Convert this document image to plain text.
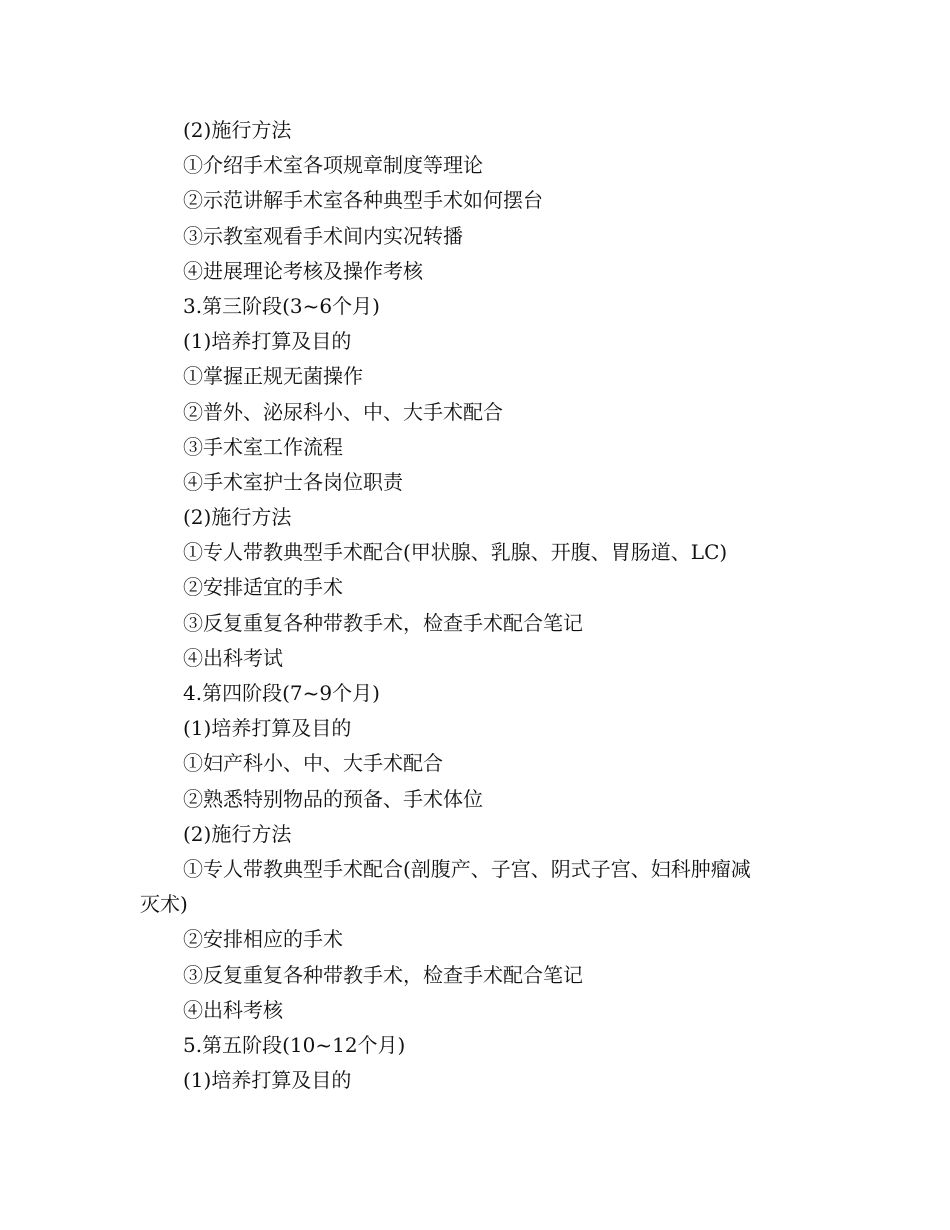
(2)施行方法
①介绍手术室各项规章制度等理论
②示范讲解手术室各种典型手术如何摆台
③示教室观看手术间内实况转播
④进展理论考核及操作考核
3.第三阶段(3~6个月)
(1)培养打算及目的
①掌握正规无菌操作
②普外、泌尿科小、中、大手术配合
③手术室工作流程
④手术室护士各岗位职责
(2)施行方法
①专人带教典型手术配合(甲状腺、乳腺、开腹、胃肠道、LC)
②安排适宜的手术
③反复重复各种带教手术，检查手术配合笔记
④出科考试
4.第四阶段(7~9个月)
(1)培养打算及目的
①妇产科小、中、大手术配合
②熟悉特别物品的预备、手术体位
(2)施行方法
①专人带教典型手术配合(剖腹产、子宫、阴式子宫、妇科肿瘤减
灭术)
②安排相应的手术
③反复重复各种带教手术，检查手术配合笔记
④出科考核
5.第五阶段(10~12个月)
(1)培养打算及目的
